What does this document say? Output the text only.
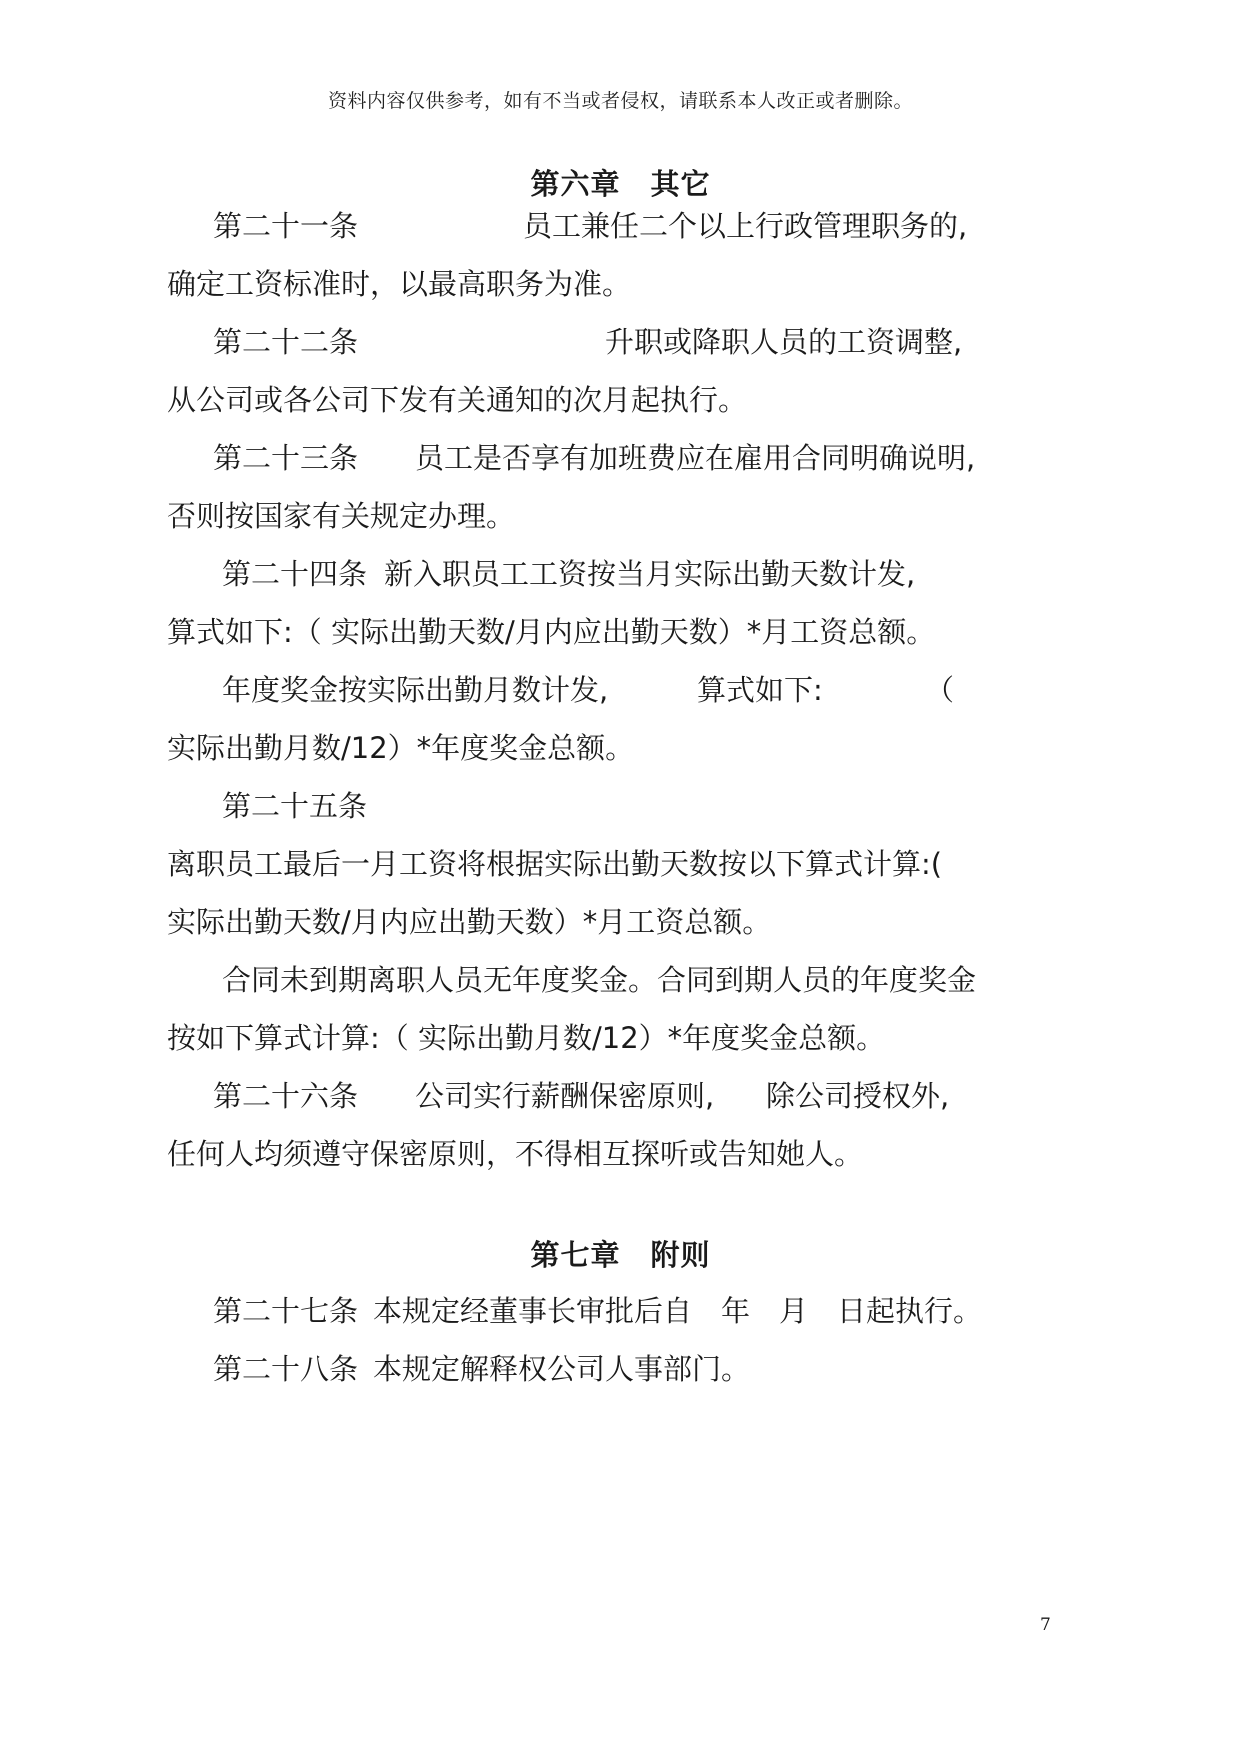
资料内容仅供参考，如有不当或者侵权，请联系本人改正或者删除。
第六章　其它
第二十一条	员工兼任二个以上行政管理职务的,
确定工资标准时，以最高职务为准。
第二十二条	升职或降职人员的工资调整,
从公司或各公司下发有关通知的次月起执行。
第二十三条 员工是否享有加班费应在雇用合同明确说明,
否则按国家有关规定办理。
第二十四条 新入职员工工资按当月实际出勤天数计发,
算式如下:（ 实际出勤天数/月内应出勤天数）*月工资总额。
年度奖金按实际出勤月数计发,	算式如下:	（
实际出勤月数/12）*年度奖金总额。
第二十五条
离职员工最后一月工资将根据实际出勤天数按以下算式计算:(
实际出勤天数/月内应出勤天数）*月工资总额。
合同未到期离职人员无年度奖金。合同到期人员的年度奖金
按如下算式计算:（ 实际出勤月数/12）*年度奖金总额。
第二十六条 公司实行薪酬保密原则, 除公司授权外,
任何人均须遵守保密原则，不得相互探听或告知她人。
第七章　附则
第二十七条 本规定经董事长审批后自　年　月　日起执行。
第二十八条 本规定解释权公司人事部门。
7
